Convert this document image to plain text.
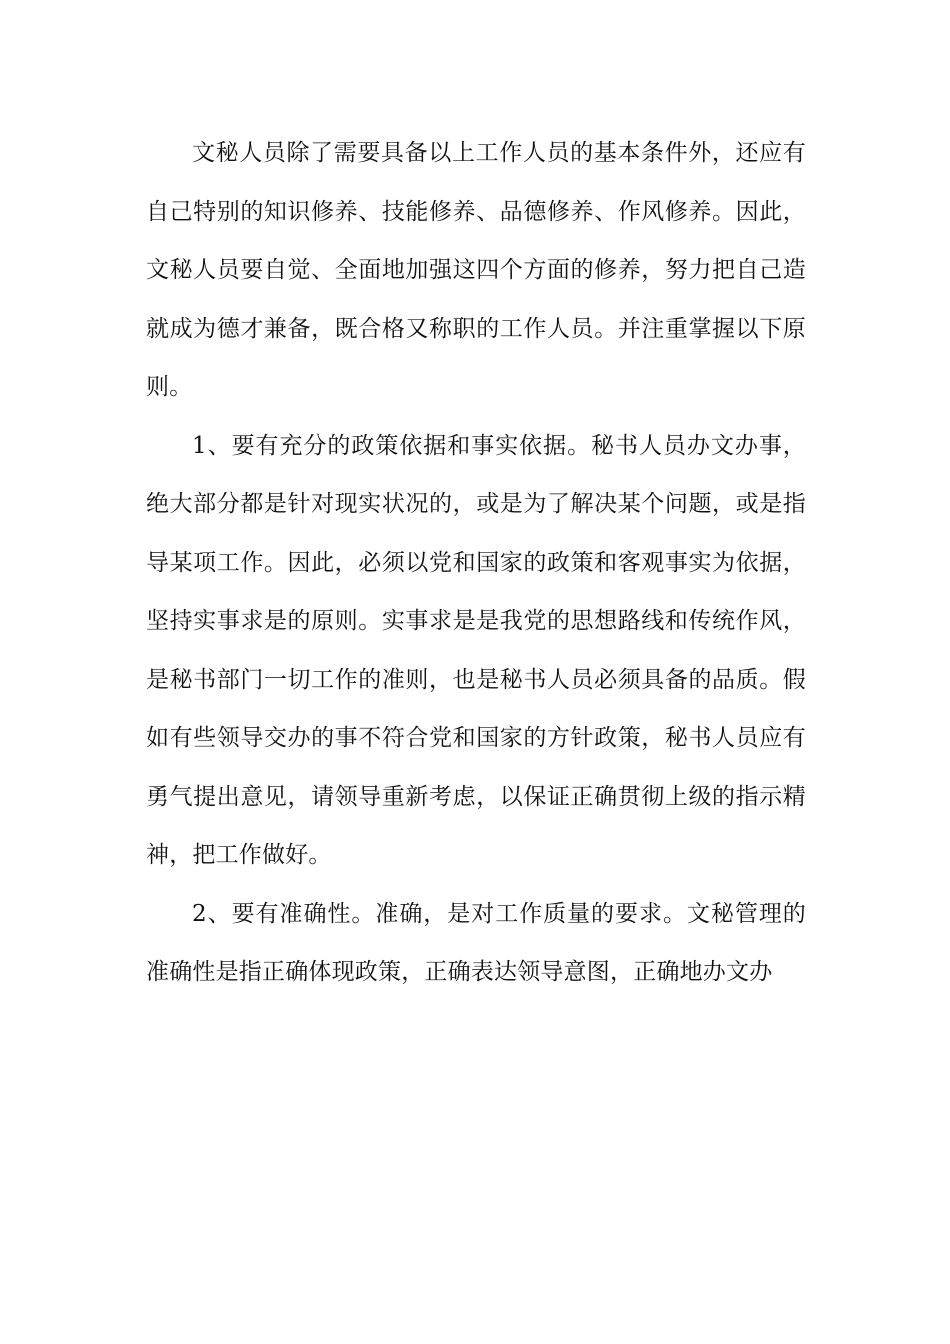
文秘人员除了需要具备以上工作人员的基本条件外，还应有自己特别的知识修养、技能修养、品德修养、作风修养。因此，文秘人员要自觉、全面地加强这四个方面的修养，努力把自己造就成为德才兼备，既合格又称职的工作人员。并注重掌握以下原则。

1、要有充分的政策依据和事实依据。秘书人员办文办事，绝大部分都是针对现实状况的，或是为了解决某个问题，或是指导某项工作。因此，必须以党和国家的政策和客观事实为依据，坚持实事求是的原则。实事求是是我党的思想路线和传统作风，是秘书部门一切工作的准则，也是秘书人员必须具备的品质。假如有些领导交办的事不符合党和国家的方针政策，秘书人员应有勇气提出意见，请领导重新考虑，以保证正确贯彻上级的指示精神，把工作做好。

2、要有准确性。准确，是对工作质量的要求。文秘管理的准确性是指正确体现政策，正确表达领导意图，正确地办文办
